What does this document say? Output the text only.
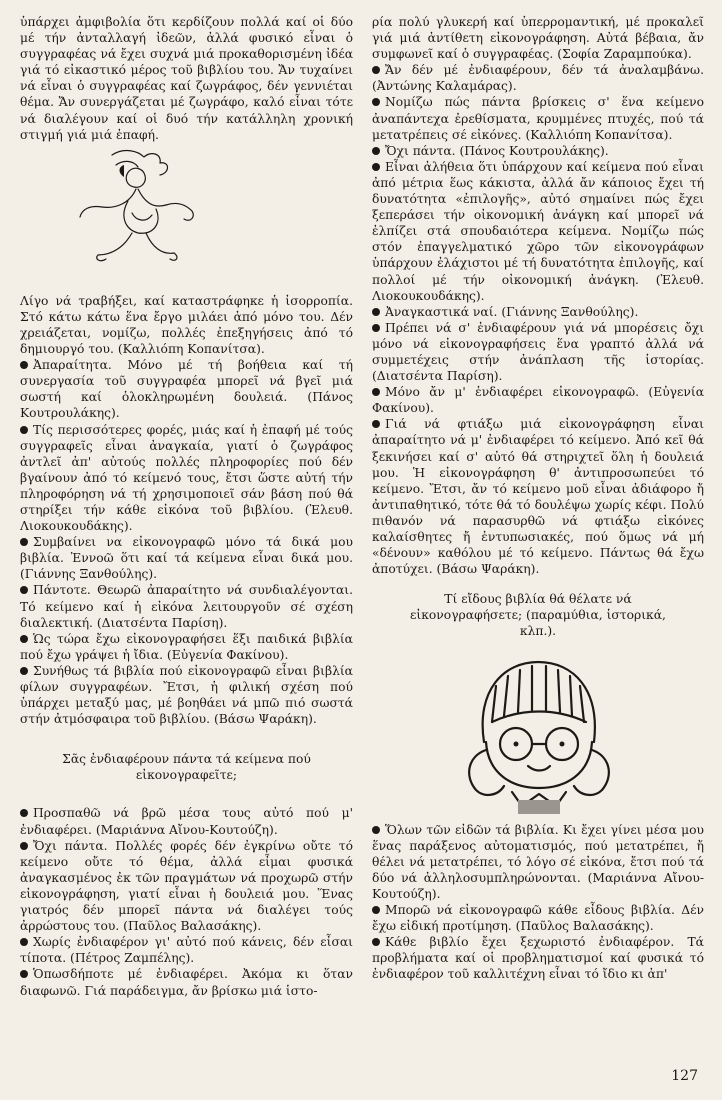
ὑπάρχει ἀμφιβολία ὅτι κερδίζουν πολλά καί οἱ δύο μέ τήν ἀνταλλαγή ἰδεῶν, ἀλλά φυσικό εἶναι ὁ συγγραφέας νά ἔχει συχνά μιά προκαθορισμένη ἰδέα γιά τό εἰκαστικό μέρος τοῦ βιβλίου του. Ἄν τυχαίνει νά εἶναι ὁ συγγραφέας καί ζωγράφος, δέν γεννιέται θέμα. Ἄν συνεργάζεται μέ ζωγράφο, καλό εἶναι τότε νά διαλέγουν καί οἱ δυό τήν κατάλληλη χρονική στιγμή γιά μιά ἐπαφή.

Λίγο νά τραβήξει, καί καταστράφηκε ἡ ἰσορροπία. Στό κάτω κάτω ἕνα ἔργο μιλάει ἀπό μόνο του. Δέν χρειάζεται, νομίζω, πολλές ἐπεξηγήσεις ἀπό τό δημιουργό του. (Καλλιόπη Κοπανίτσα).

Ἀπαραίτητα. Μόνο μέ τή βοήθεια καί τή συνεργασία τοῦ συγγραφέα μπορεῖ νά βγεῖ μιά σωστή καί ὁλοκληρωμένη δουλειά. (Πάνος Κουτρουλάκης).

Τίς περισσότερες φορές, μιάς καί ἡ ἐπαφή μέ τούς συγγραφεῖς εἶναι ἀναγκαία, γιατί ὁ ζωγράφος ἀντλεῖ ἀπ' αὐτούς πολλές πληροφορίες πού δέν βγαίνουν ἀπό τό κείμενό τους, ἔτσι ὥστε αὐτή τήν πληροφόρηση νά τή χρησιμοποιεῖ σάν βάση πού θά στηρίξει τήν κάθε εἰκόνα τοῦ βιβλίου. (Ἐλευθ. Λιοκουκουδάκης).

Συμβαίνει να εἰκονογραφῶ μόνο τά δικά μου βιβλία. Ἐννοῶ ὅτι καί τά κείμενα εἶναι δικά μου. (Γιάννης Ξανθούλης).

Πάντοτε. Θεωρῶ ἀπαραίτητο νά συνδιαλέγονται. Τό κείμενο καί ἡ εἰκόνα λειτουργοῦν σέ σχέση διαλεκτική. (Διατσέντα Παρίση).

Ὡς τώρα ἔχω εἰκονογραφήσει ἕξι παιδικά βιβλία πού ἔχω γράψει ἡ ἴδια. (Εὐγενία Φακίνου).

Συνήθως τά βιβλία πού εἰκονογραφῶ εἶναι βιβλία φίλων συγγραφέων. Ἔτσι, ἡ φιλική σχέση πού ὑπάρχει μεταξύ μας, μέ βοηθάει νά μπῶ πιό σωστά στήν ἀτμόσφαιρα τοῦ βιβλίου. (Βάσω Ψαράκη).

Σᾶς ἐνδιαφέρουν πάντα τά κείμενα πού εἰκονογραφεῖτε;

Προσπαθῶ νά βρῶ μέσα τους αὐτό πού μ' ἐνδιαφέρει. (Μαριάννα Αἴνου-Κουτούζη).

Ὄχι πάντα. Πολλές φορές δέν ἐγκρίνω οὔτε τό κείμενο οὔτε τό θέμα, ἀλλά εἶμαι φυσικά ἀναγκασμένος ἐκ τῶν πραγμάτων νά προχωρῶ στήν εἰκονογράφηση, γιατί εἶναι ἡ δουλειά μου. Ἕνας γιατρός δέν μπορεῖ πάντα νά διαλέγει τούς ἀρρώστους του. (Παῦλος Βαλασάκης).

Χωρίς ἐνδιαφέρον γι' αὐτό πού κάνεις, δέν εἶσαι τίποτα. (Πέτρος Ζαμπέλης).

Ὁπωσδήποτε μέ ἐνδιαφέρει. Ἀκόμα κι ὅταν διαφωνῶ. Γιά παράδειγμα, ἄν βρίσκω μιά ἱστο-

ρία πολύ γλυκερή καί ὑπερρομαντική, μέ προκαλεῖ γιά μιά ἀντίθετη εἰκονογράφηση. Αὐτά βέβαια, ἄν συμφωνεῖ καί ὁ συγγραφέας. (Σοφία Ζαραμπούκα).

Ἄν δέν μέ ἐνδιαφέρουν, δέν τά ἀναλαμβάνω. (Ἀντώνης Καλαμάρας).

Νομίζω πώς πάντα βρίσκεις σ' ἕνα κείμενο ἀναπάντεχα ἐρεθίσματα, κρυμμένες πτυχές, πού τά μετατρέπεις σέ εἰκόνες. (Καλλιόπη Κοπανίτσα).

Ὄχι πάντα. (Πάνος Κουτρουλάκης).

Εἶναι ἀλήθεια ὅτι ὑπάρχουν καί κείμενα πού εἶναι ἀπό μέτρια ἕως κάκιστα, ἀλλά ἄν κάποιος ἔχει τή δυνατότητα «ἐπιλογῆς», αὐτό σημαίνει πώς ἔχει ξεπεράσει τήν οἰκονομική ἀνάγκη καί μπορεῖ νά ἐλπίζει στά σπουδαιότερα κείμενα. Νομίζω πώς στόν ἐπαγγελματικό χῶρο τῶν εἰκονογράφων ὑπάρχουν ἐλάχιστοι μέ τή δυνατότητα ἐπιλογῆς, καί πολλοί μέ τήν οἰκονομική ἀνάγκη. (Ἐλευθ. Λιοκουκουδάκης).

Ἀναγκαστικά ναί. (Γιάννης Ξανθούλης).

Πρέπει νά σ' ἐνδιαφέρουν γιά νά μπορέσεις ὄχι μόνο νά εἰκονογραφήσεις ἕνα γραπτό ἀλλά νά συμμετέχεις στήν ἀνάπλαση τῆς ἱστορίας. (Διατσέντα Παρίση).

Μόνο ἄν μ' ἐνδιαφέρει εἰκονογραφῶ. (Εὐγενία Φακίνου).

Γιά νά φτιάξω μιά εἰκονογράφηση εἶναι ἀπαραίτητο νά μ' ἐνδιαφέρει τό κείμενο. Ἀπό κεῖ θά ξεκινήσει καί σ' αὐτό θά στηριχτεῖ ὅλη ἡ δουλειά μου. Ἡ εἰκονογράφηση θ' ἀντιπροσωπεύει τό κείμενο. Ἔτσι, ἄν τό κείμενο μοῦ εἶναι ἀδιάφορο ἤ ἀντιπαθητικό, τότε θά τό δουλέψω χωρίς κέφι. Πολύ πιθανόν νά παρασυρθῶ νά φτιάξω εἰκόνες καλαίσθητες ἤ ἐντυπωσιακές, πού ὅμως νά μή «δένουν» καθόλου μέ τό κείμενο. Πάντως θά ἔχω ἀποτύχει. (Βάσω Ψαράκη).

Τί εἴδους βιβλία θά θέλατε νά εἰκονογραφήσετε; (παραμύθια, ἱστορικά, κλπ.).

Ὅλων τῶν εἰδῶν τά βιβλία. Κι ἔχει γίνει μέσα μου ἕνας παράξενος αὐτοματισμός, πού μετατρέπει, ἤ θέλει νά μετατρέπει, τό λόγο σέ εἰκόνα, ἔτσι πού τά δύο νά ἀλληλοσυμπληρώνονται. (Μαριάννα Αἴνου-Κουτούζη).

Μπορῶ νά εἰκονογραφῶ κάθε εἶδους βιβλία. Δέν ἔχω εἰδική προτίμηση. (Παῦλος Βαλασάκης).

Κάθε βιβλίο ἔχει ξεχωριστό ἐνδιαφέρον. Τά προβλήματα καί οἱ προβληματισμοί καί φυσικά τό ἐνδιαφέρον τοῦ καλλιτέχνη εἶναι τό ἴδιο κι ἀπ'

127
